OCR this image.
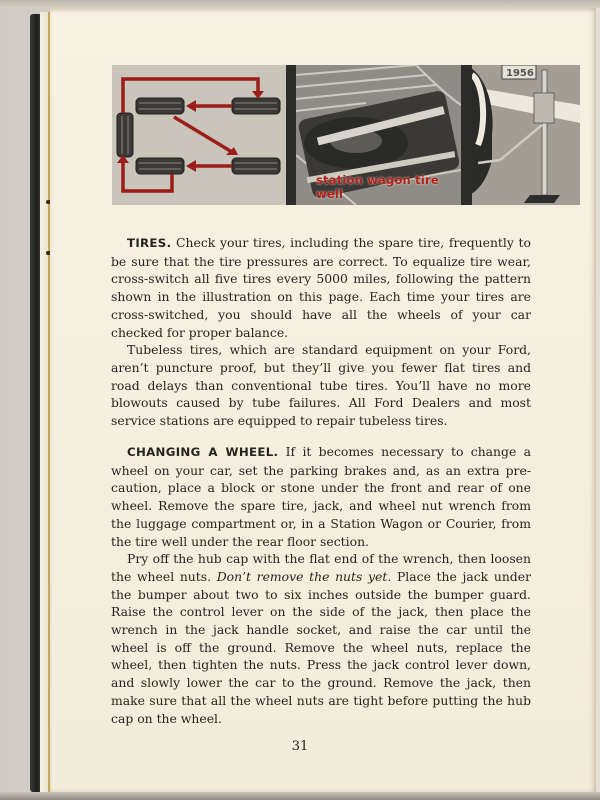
station wagon tire well
1956

TIRES. Check your tires, including the spare tire, frequently to be sure that the tire pressures are correct. To equalize tire wear, cross-switch all five tires every 5000 miles, following the pattern shown in the illustration on this page. Each time your tires are cross-switched, you should have all the wheels of your car checked for proper balance.

Tubeless tires, which are standard equipment on your Ford, aren’t puncture proof, but they’ll give you fewer flat tires and road delays than conventional tube tires. You’ll have no more blowouts caused by tube failures. All Ford Dealers and most service stations are equipped to repair tubeless tires.

CHANGING A WHEEL. If it becomes necessary to change a wheel on your car, set the parking brakes and, as an extra precaution, place a block or stone under the front and rear of one wheel. Remove the spare tire, jack, and wheel nut wrench from the luggage compartment or, in a Station Wagon or Courier, from the tire well under the rear floor section.

Pry off the hub cap with the flat end of the wrench, then loosen the wheel nuts. Don’t remove the nuts yet. Place the jack under the bumper about two to six inches outside the bumper guard. Raise the control lever on the side of the jack, then place the wrench in the jack handle socket, and raise the car until the wheel is off the ground. Remove the wheel nuts, replace the wheel, then tighten the nuts. Press the jack control lever down, and slowly lower the car to the ground. Remove the jack, then make sure that all the wheel nuts are tight before putting the hub cap on the wheel.

31
